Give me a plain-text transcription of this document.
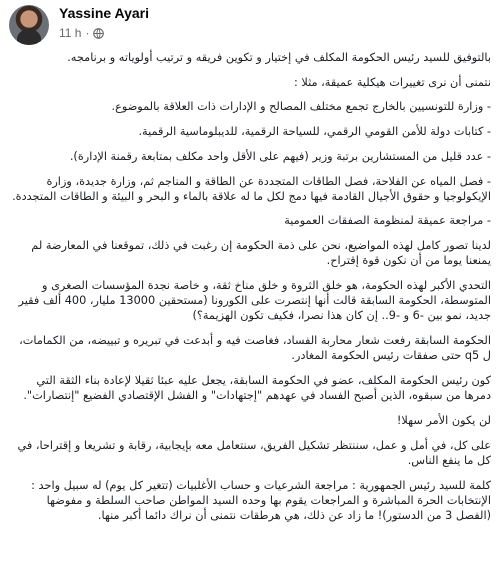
Yassine Ayari
11 h ·

بالتوفيق للسيد رئيس الحكومة المكلف في إختيار و تكوين فريقه و ترتيب أولوياته و برنامجه.

نتمنى أن نرى تغييرات هيكلية عميقة، مثلا :

- وزارة للتونسيين بالخارج تجمع مختلف المصالح و الإدارات ذات العلاقة بالموضوع.

- كتابات دولة للأمن القومي الرقمي، للسياحة الرقمية، للديبلوماسية الرقمية.

- عدد قليل من المستشارين برتبة وزير (فيهم على الأقل واحد مكلف بمتابعة رقمنة الإدارة).

- فصل المياه عن الفلاحة، فصل الطاقات المتجددة عن الطاقة و المناجم ثم، وزارة جديدة، وزارة الإيكولوجيا و حقوق الأجيال القادمة فيها دمج لكل ما له علاقة بالماء و البحر و البيئة و الطاقات المتجددة.

- مراجعة عميقة لمنظومة الصفقات العمومية

لدينا تصور كامل لهذه المواضيع، نحن على ذمة الحكومة إن رغبت في ذلك، تموقعنا في المعارضة لم يمنعنا يوما من أن نكون قوة إقتراح.

التحدي الأكبر لهذه الحكومة، هو خلق الثروة و خلق مناخ ثقة، و خاصة نجدة المؤسسات الصغرى و المتوسطة، الحكومة السابقة قالت أنها إنتصرت على الكورونا (مستحقين 13000 مليار، 400 ألف فقير جديد، نمو بين -6 و -9.. إن كان هذا نصرا، فكيف تكون الهزيمة؟)

الحكومة السابقة رفعت شعار محاربة الفساد، فغاصت فيه و أبدعت في تبريره و تبييضه، من الكمامات، ل q5 حتى صفقات رئيس الحكومة المغادر.

كون رئيس الحكومة المكلف، عضو في الحكومة السابقة، يجعل عليه عبئا ثقيلا لإعادة بناء الثقة التي دمرها من سبقوه، الذين أصبح الفساد في عهدهم "إجتهادات" و الفشل الإقتصادي الفضيع "إنتصارات".

لن يكون الأمر سهلا!

على كل، في أمل و عمل، سننتظر تشكيل الفريق، سنتعامل معه بإيجابية، رقابة و تشريعا و إقتراحا، في كل ما ينفع الناس.

كلمة للسيد رئيس الجمهورية : مراجعة الشرعيات و حساب الأغلبيات (تتغير كل يوم) له سبيل واحد : الإنتخابات الحرة المباشرة و المراجعات يقوم بها وحده السيد المواطن صاحب السلطة و مفوضها (الفصل 3 من الدستور)! ما زاد عن ذلك، هي هرطقات نتمنى أن نراك دائما أكبر منها.
